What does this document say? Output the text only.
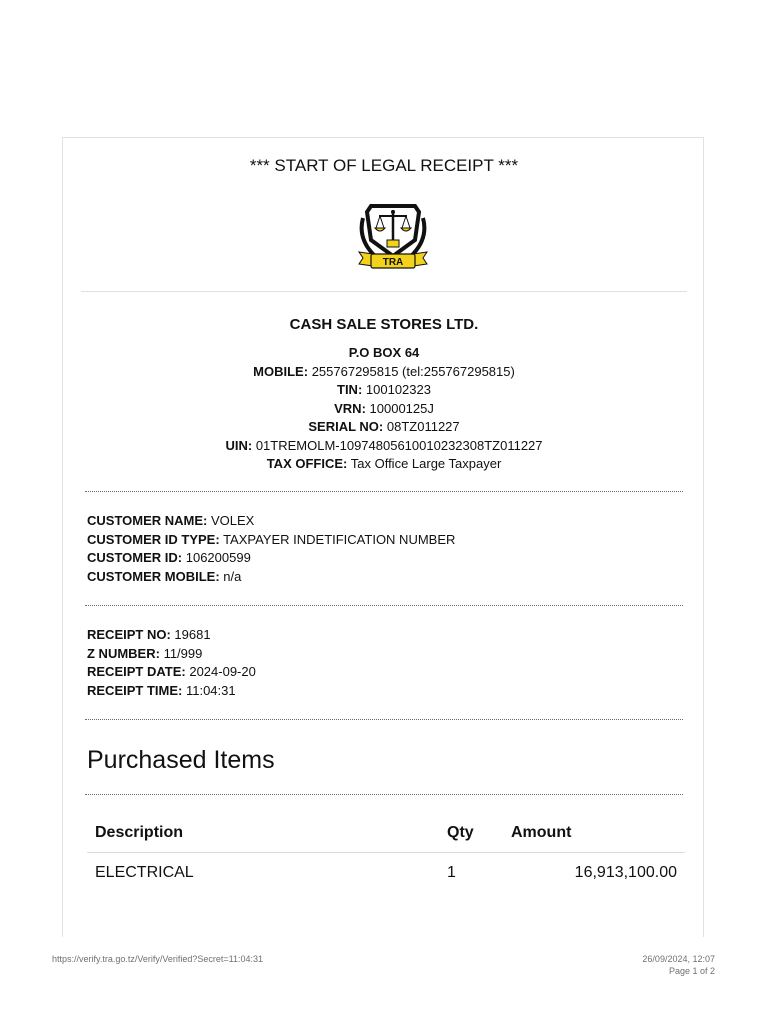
*** START OF LEGAL RECEIPT ***
TRA
CASH SALE STORES LTD.
P.O BOX 64
MOBILE: 255767295815 (tel:255767295815)
TIN: 100102323
VRN: 10000125J
SERIAL NO: 08TZ011227
UIN: 01TREMOLM-10974805610010232308TZ011227
TAX OFFICE: Tax Office Large Taxpayer
CUSTOMER NAME: VOLEX
CUSTOMER ID TYPE: TAXPAYER INDETIFICATION NUMBER
CUSTOMER ID: 106200599
CUSTOMER MOBILE: n/a
RECEIPT NO: 19681
Z NUMBER: 11/999
RECEIPT DATE: 2024-09-20
RECEIPT TIME: 11:04:31
Purchased Items
Description	Qty Amount
ELECTRICAL	1	16,913,100.00
https://verify.tra.go.tz/Verify/Verified?Secret=11:04:31	26/09/2024, 12:07
Page 1 of 2
